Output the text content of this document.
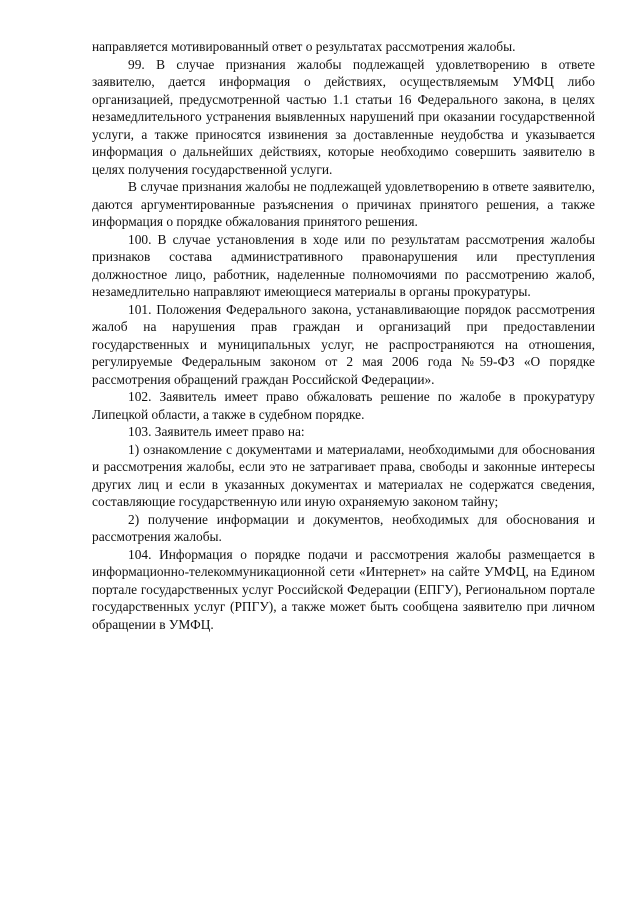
направляется мотивированный ответ о результатах рассмотрения жалобы.

99. В случае признания жалобы подлежащей удовлетворению в ответе заявителю, дается информация о действиях, осуществляемым УМФЦ либо организацией, предусмотренной частью 1.1 статьи 16 Федерального закона, в целях незамедлительного устранения выявленных нарушений при оказании государственной услуги, а также приносятся извинения за доставленные неудобства и указывается информация о дальнейших действиях, которые необходимо совершить заявителю в целях получения государственной услуги.

В случае признания жалобы не подлежащей удовлетворению в ответе заявителю, даются аргументированные разъяснения о причинах принятого решения, а также информация о порядке обжалования принятого решения.

100. В случае установления в ходе или по результатам рассмотрения жалобы признаков состава административного правонарушения или преступления должностное лицо, работник, наделенные полномочиями по рассмотрению жалоб, незамедлительно направляют имеющиеся материалы в органы прокуратуры.

101. Положения Федерального закона, устанавливающие порядок рассмотрения жалоб на нарушения прав граждан и организаций при предоставлении государственных и муниципальных услуг, не распространяются на отношения, регулируемые Федеральным законом от 2 мая 2006 года №59-ФЗ «О порядке рассмотрения обращений граждан Российской Федерации».

102. Заявитель имеет право обжаловать решение по жалобе в прокуратуру Липецкой области, а также в судебном порядке.

103. Заявитель имеет право на:

1) ознакомление с документами и материалами, необходимыми для обоснования и рассмотрения жалобы, если это не затрагивает права, свободы и законные интересы других лиц и если в указанных документах и материалах не содержатся сведения, составляющие государственную или иную охраняемую законом тайну;

2) получение информации и документов, необходимых для обоснования и рассмотрения жалобы.

104. Информация о порядке подачи и рассмотрения жалобы размещается в информационно-телекоммуникационной сети «Интернет» на сайте УМФЦ, на Едином портале государственных услуг Российской Федерации (ЕПГУ), Региональном портале государственных услуг (РПГУ), а также может быть сообщена заявителю при личном обращении в УМФЦ.
